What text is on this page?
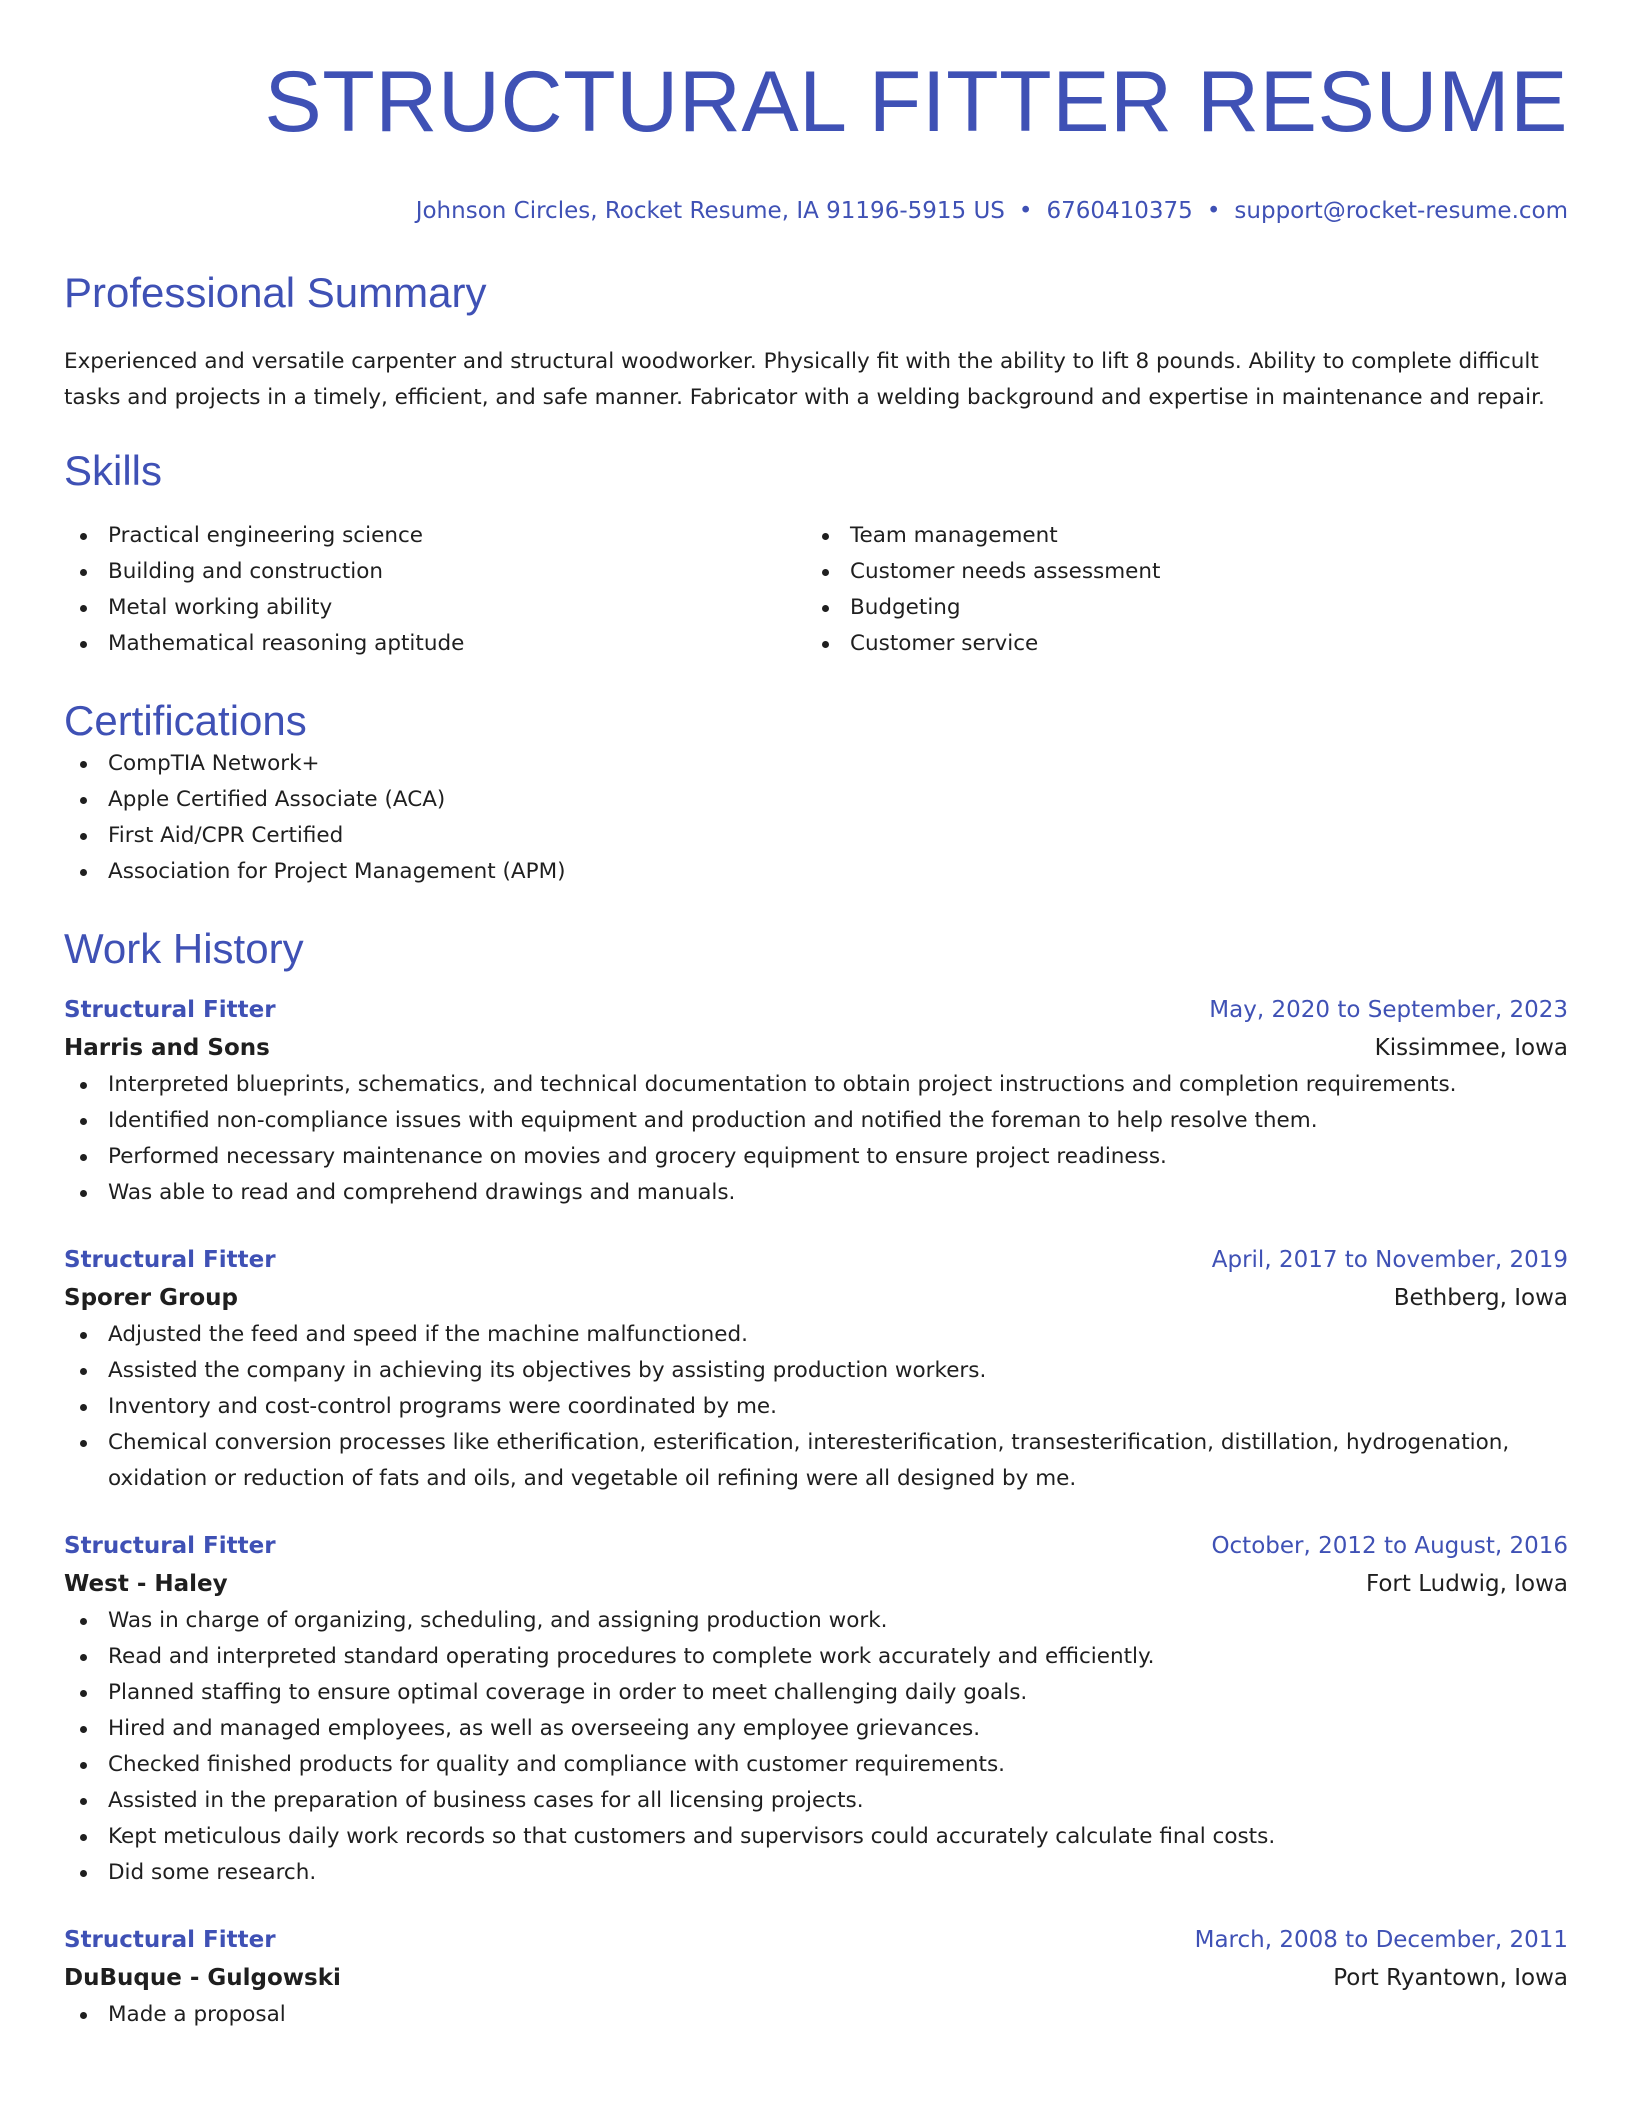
STRUCTURAL FITTER RESUME
Johnson Circles, Rocket Resume, IA 91196-5915 US • 6760410375 • support@rocket-resume.com
Professional Summary
Experienced and versatile carpenter and structural woodworker. Physically fit with the ability to lift 8 pounds. Ability to complete difficult tasks and projects in a timely, efficient, and safe manner. Fabricator with a welding background and expertise in maintenance and repair.
Skills
Practical engineering science
Building and construction
Metal working ability
Mathematical reasoning aptitude
Team management
Customer needs assessment
Budgeting
Customer service
Certifications
CompTIA Network+
Apple Certified Associate (ACA)
First Aid/CPR Certified
Association for Project Management (APM)
Work History
Structural Fitter	May, 2020 to September, 2023
Harris and Sons	Kissimmee, Iowa
Interpreted blueprints, schematics, and technical documentation to obtain project instructions and completion requirements.
Identified non-compliance issues with equipment and production and notified the foreman to help resolve them.
Performed necessary maintenance on movies and grocery equipment to ensure project readiness.
Was able to read and comprehend drawings and manuals.
Structural Fitter	April, 2017 to November, 2019
Sporer Group	Bethberg, Iowa
Adjusted the feed and speed if the machine malfunctioned.
Assisted the company in achieving its objectives by assisting production workers.
Inventory and cost-control programs were coordinated by me.
Chemical conversion processes like etherification, esterification, interesterification, transesterification, distillation, hydrogenation, oxidation or reduction of fats and oils, and vegetable oil refining were all designed by me.
Structural Fitter	October, 2012 to August, 2016
West - Haley	Fort Ludwig, Iowa
Was in charge of organizing, scheduling, and assigning production work.
Read and interpreted standard operating procedures to complete work accurately and efficiently.
Planned staffing to ensure optimal coverage in order to meet challenging daily goals.
Hired and managed employees, as well as overseeing any employee grievances.
Checked finished products for quality and compliance with customer requirements.
Assisted in the preparation of business cases for all licensing projects.
Kept meticulous daily work records so that customers and supervisors could accurately calculate final costs.
Did some research.
Structural Fitter	March, 2008 to December, 2011
DuBuque - Gulgowski	Port Ryantown, Iowa
Made a proposal
